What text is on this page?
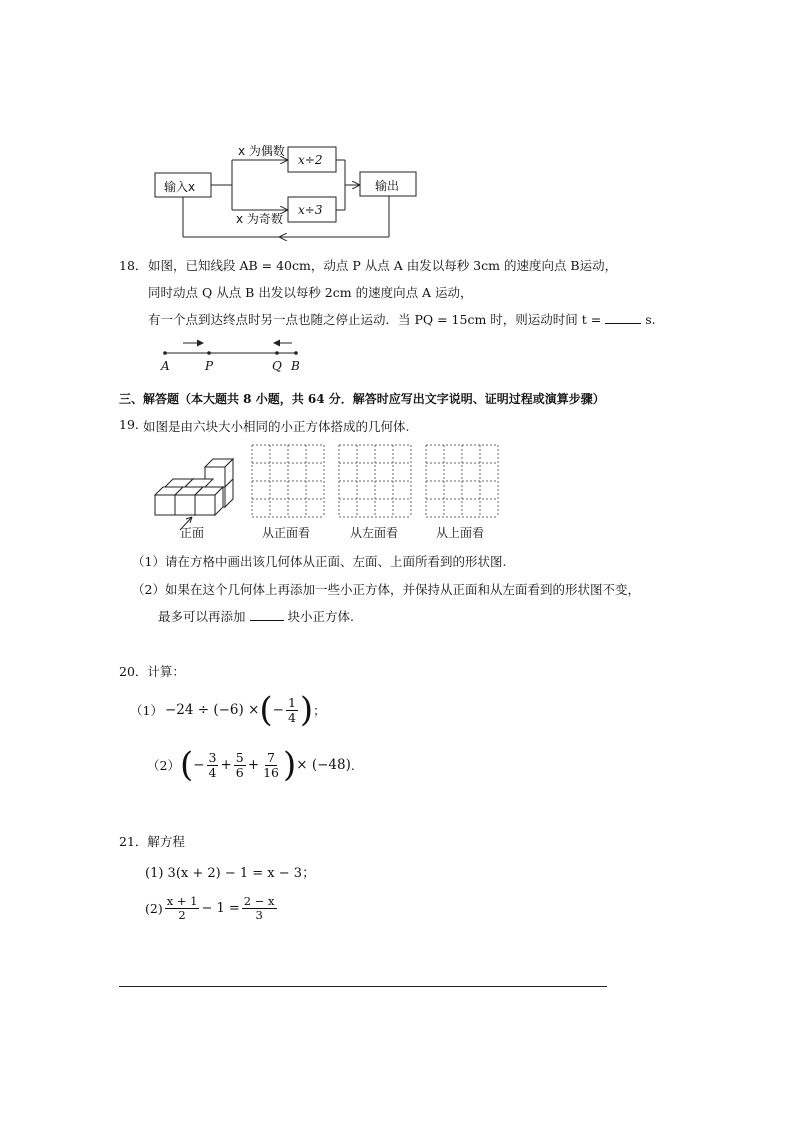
输入x
x 为偶数
x 为奇数
x÷2
x÷3
输出
18． 如图，已知线段 AB = 40cm，动点 P 从点 A 由发以每秒 3cm 的速度向点 B运动，
同时动点 Q 从点 B 出发以每秒 2cm 的速度向点 A 运动，
有一个点到达终点时另一点也随之停止运动．当 PQ = 15cm 时，则运动时间 t =	s.
A	P	Q B
三、解答题（本大题共 8 小题，共 64 分．解答时应写出文字说明、证明过程或演算步骤）
19. 如图是由六块大小相同的小正方体搭成的几何体.
正面	从正面看	从左面看	从上面看
（1）请在方格中画出该几何体从正面、左面、上面所看到的形状图.
（2）如果在这个几何体上再添加一些小正方体，并保持从正面和从左面看到的形状图不变，
最多可以再添加	块小正方体.
20．计算：
（1） −24 ÷ (−6) × ( − $\frac{1}{4}$ ) ；
（2） ( − $\frac{3}{4} + \frac{5}{6} + \frac{7}{16}$ ) × (−48) .
21．解方程
(1) 3(x + 2) − 1 = x − 3；
$(2) \frac{x + 1}{2} - 1 = \frac{2 - x}{3}$
